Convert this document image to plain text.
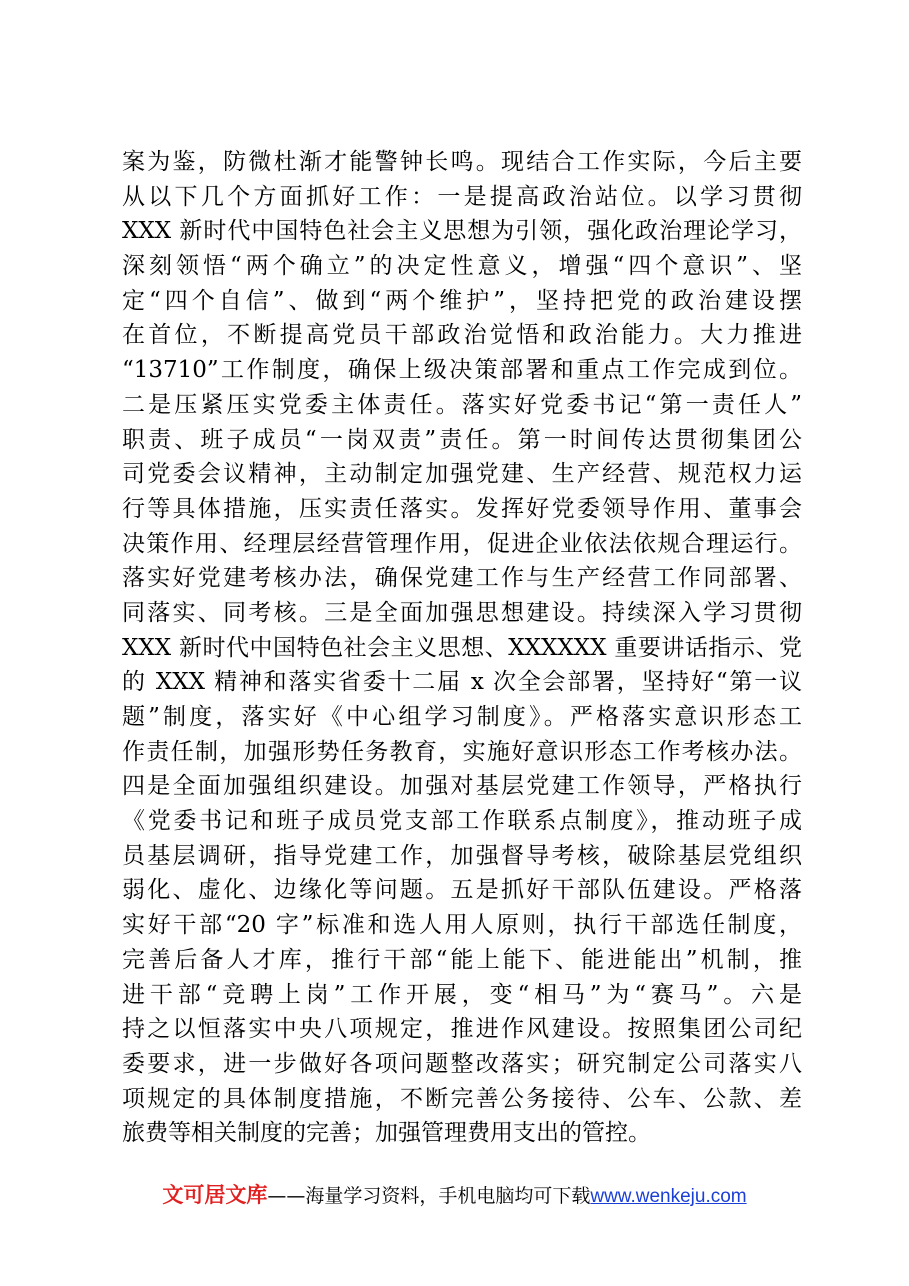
案为鉴，防微杜渐才能警钟长鸣。现结合工作实际，今后主要
从以下几个方面抓好工作：一是提高政治站位。以学习贯彻
XXX 新时代中国特色社会主义思想为引领，强化政治理论学习，
深刻领悟“两个确立”的决定性意义，增强“四个意识”、坚
定“四个自信”、做到“两个维护”，坚持把党的政治建设摆
在首位，不断提高党员干部政治觉悟和政治能力。大力推进
“13710”工作制度，确保上级决策部署和重点工作完成到位。
二是压紧压实党委主体责任。落实好党委书记“第一责任人”
职责、班子成员“一岗双责”责任。第一时间传达贯彻集团公
司党委会议精神，主动制定加强党建、生产经营、规范权力运
行等具体措施，压实责任落实。发挥好党委领导作用、董事会
决策作用、经理层经营管理作用，促进企业依法依规合理运行。
落实好党建考核办法，确保党建工作与生产经营工作同部署、
同落实、同考核。三是全面加强思想建设。持续深入学习贯彻
XXX 新时代中国特色社会主义思想、XXXXXX 重要讲话指示、党
的 XXX 精神和落实省委十二届 x 次全会部署，坚持好“第一议
题”制度，落实好《中心组学习制度》。严格落实意识形态工
作责任制，加强形势任务教育，实施好意识形态工作考核办法。
四是全面加强组织建设。加强对基层党建工作领导，严格执行
《党委书记和班子成员党支部工作联系点制度》，推动班子成
员基层调研，指导党建工作，加强督导考核，破除基层党组织
弱化、虚化、边缘化等问题。五是抓好干部队伍建设。严格落
实好干部“20 字”标准和选人用人原则，执行干部选任制度，
完善后备人才库，推行干部“能上能下、能进能出”机制，推
进干部“竞聘上岗”工作开展，变“相马”为“赛马”。六是
持之以恒落实中央八项规定，推进作风建设。按照集团公司纪
委要求，进一步做好各项问题整改落实；研究制定公司落实八
项规定的具体制度措施，不断完善公务接待、公车、公款、差
旅费等相关制度的完善；加强管理费用支出的管控。
文可居文库——海量学习资料，手机电脑均可下载www.wenkeju.com
